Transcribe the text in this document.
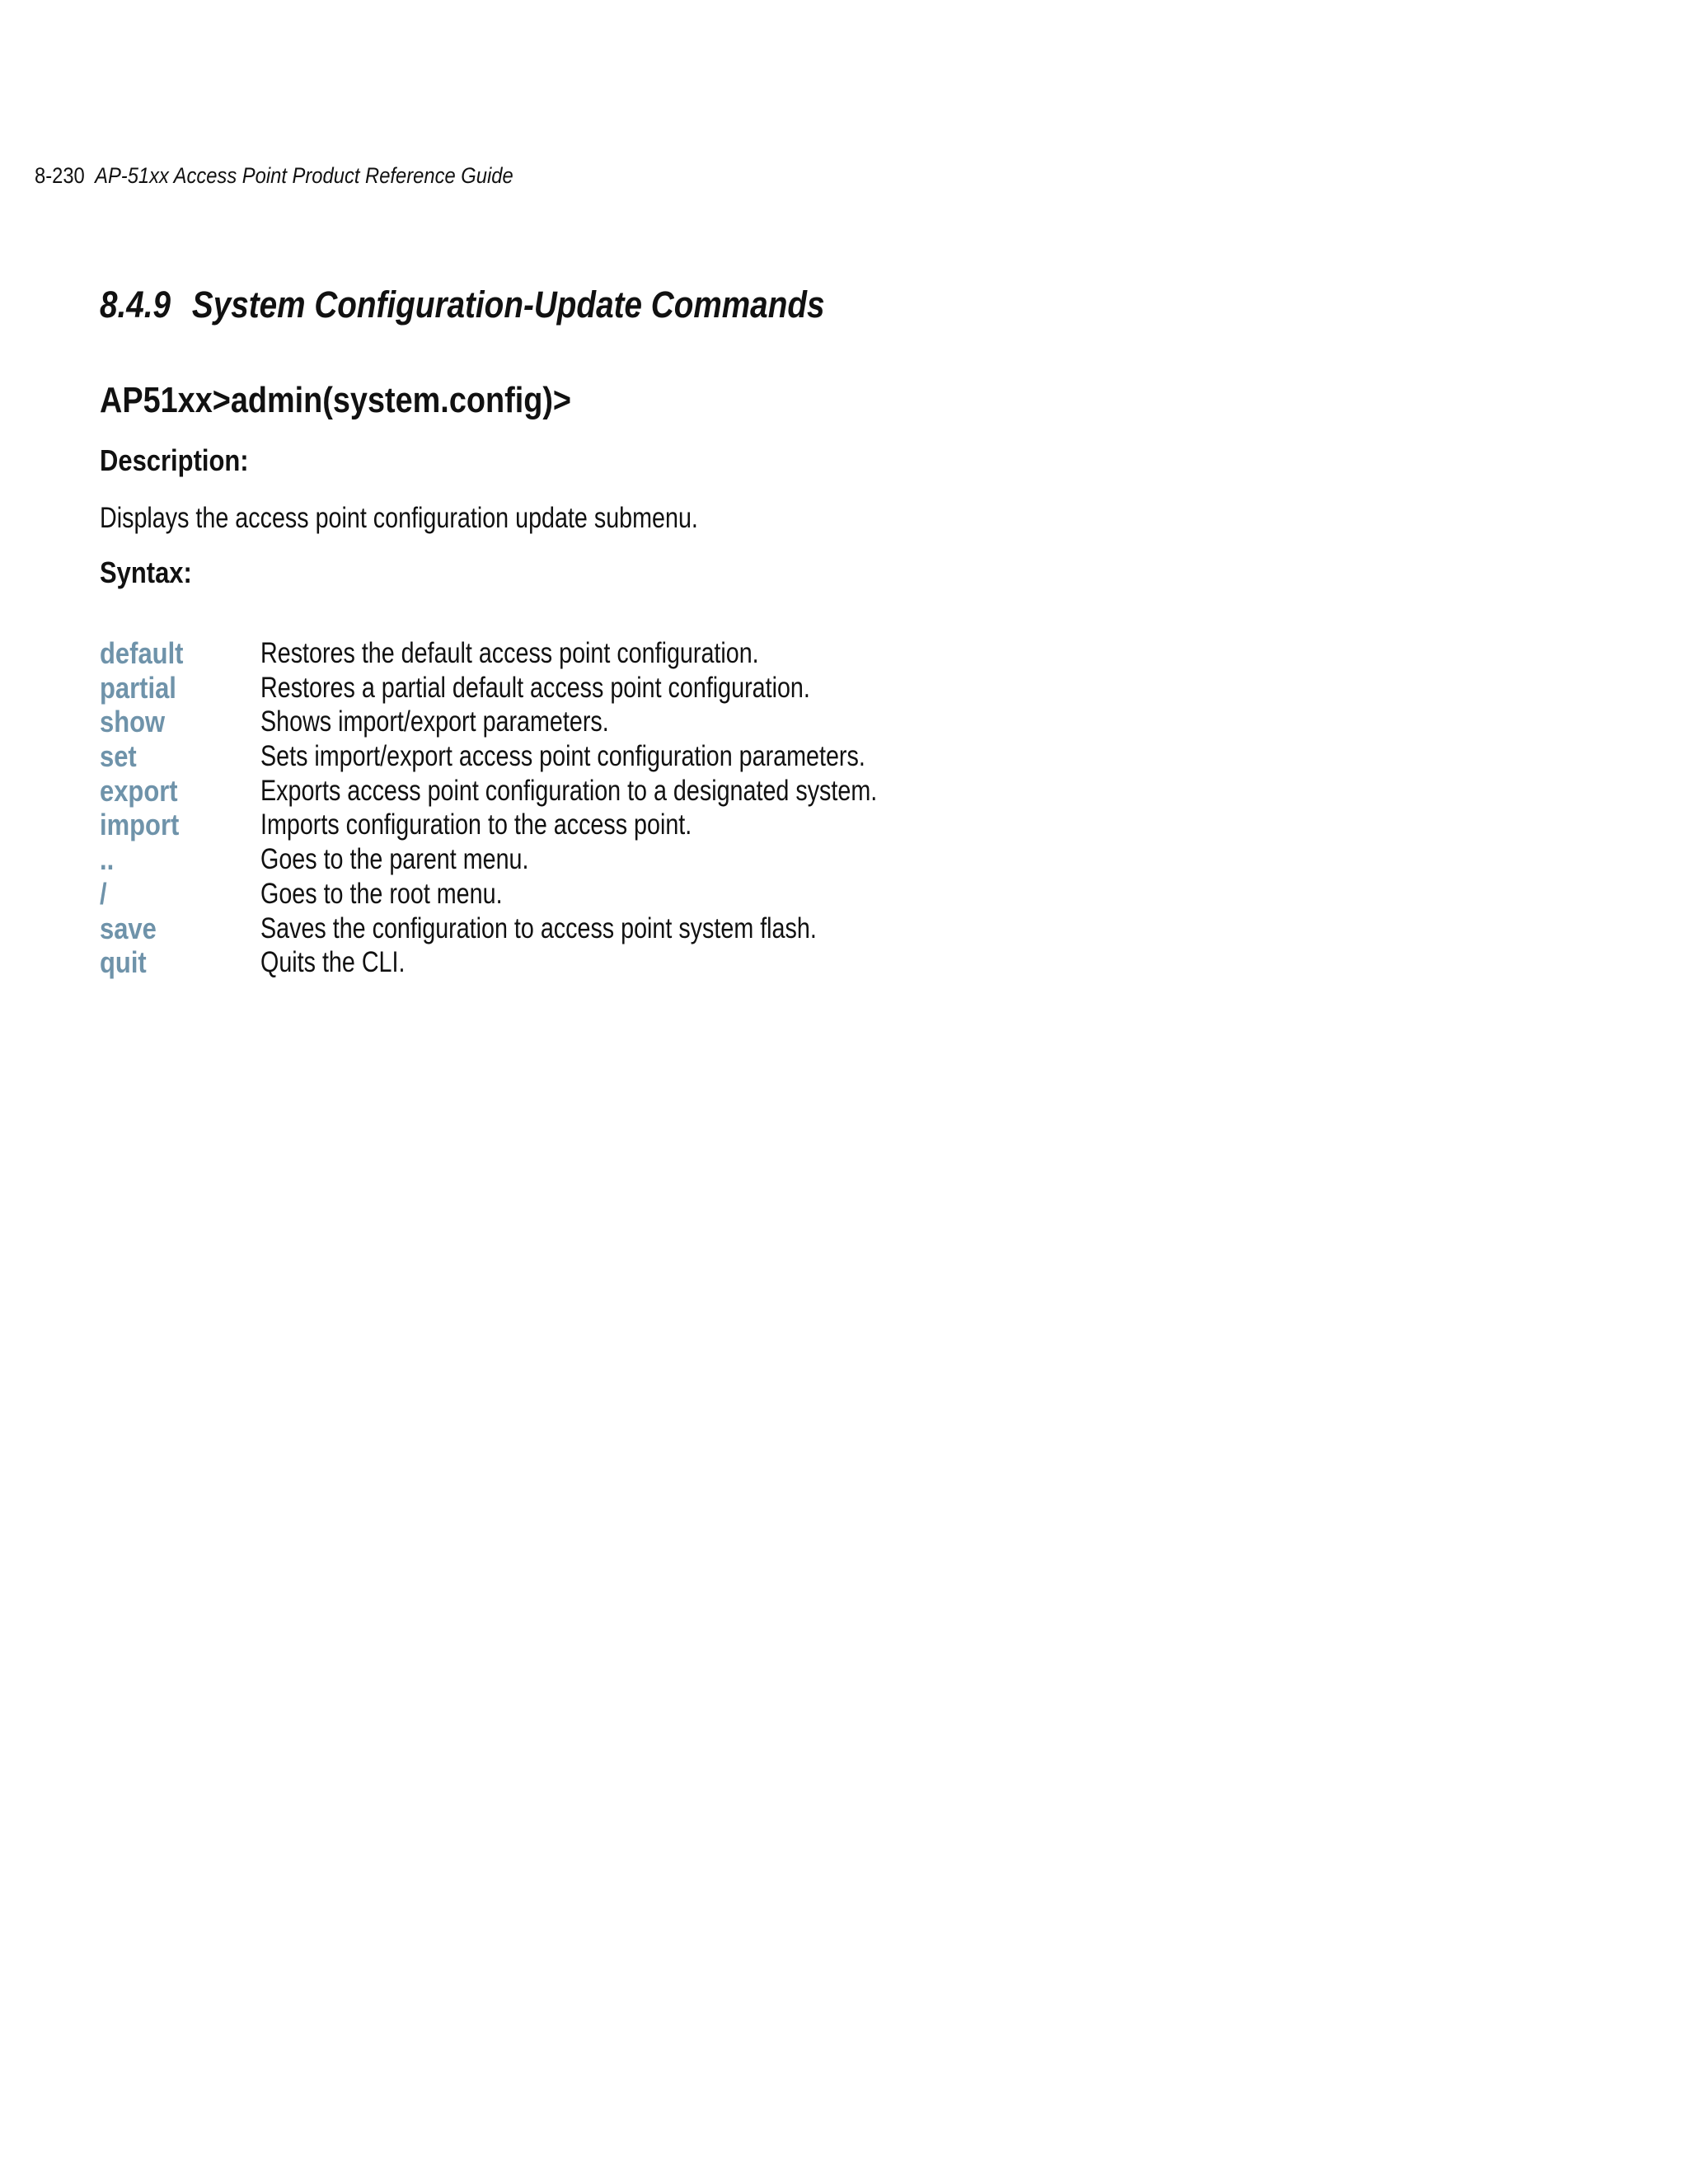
8-230 AP-51xx Access Point Product Reference Guide
8.4.9 System Configuration-Update Commands
AP51xx>admin(system.config)>
Description:

Displays the access point configuration update submenu.

Syntax:
default	Restores the default access point configuration.
partial	Restores a partial default access point configuration.
show	Shows import/export parameters.
set	Sets import/export access point configuration parameters.
export	Exports access point configuration to a designated system.
import	Imports configuration to the access point.
..	Goes to the parent menu.
/	Goes to the root menu.
save	Saves the configuration to access point system flash.
quit	Quits the CLI.
